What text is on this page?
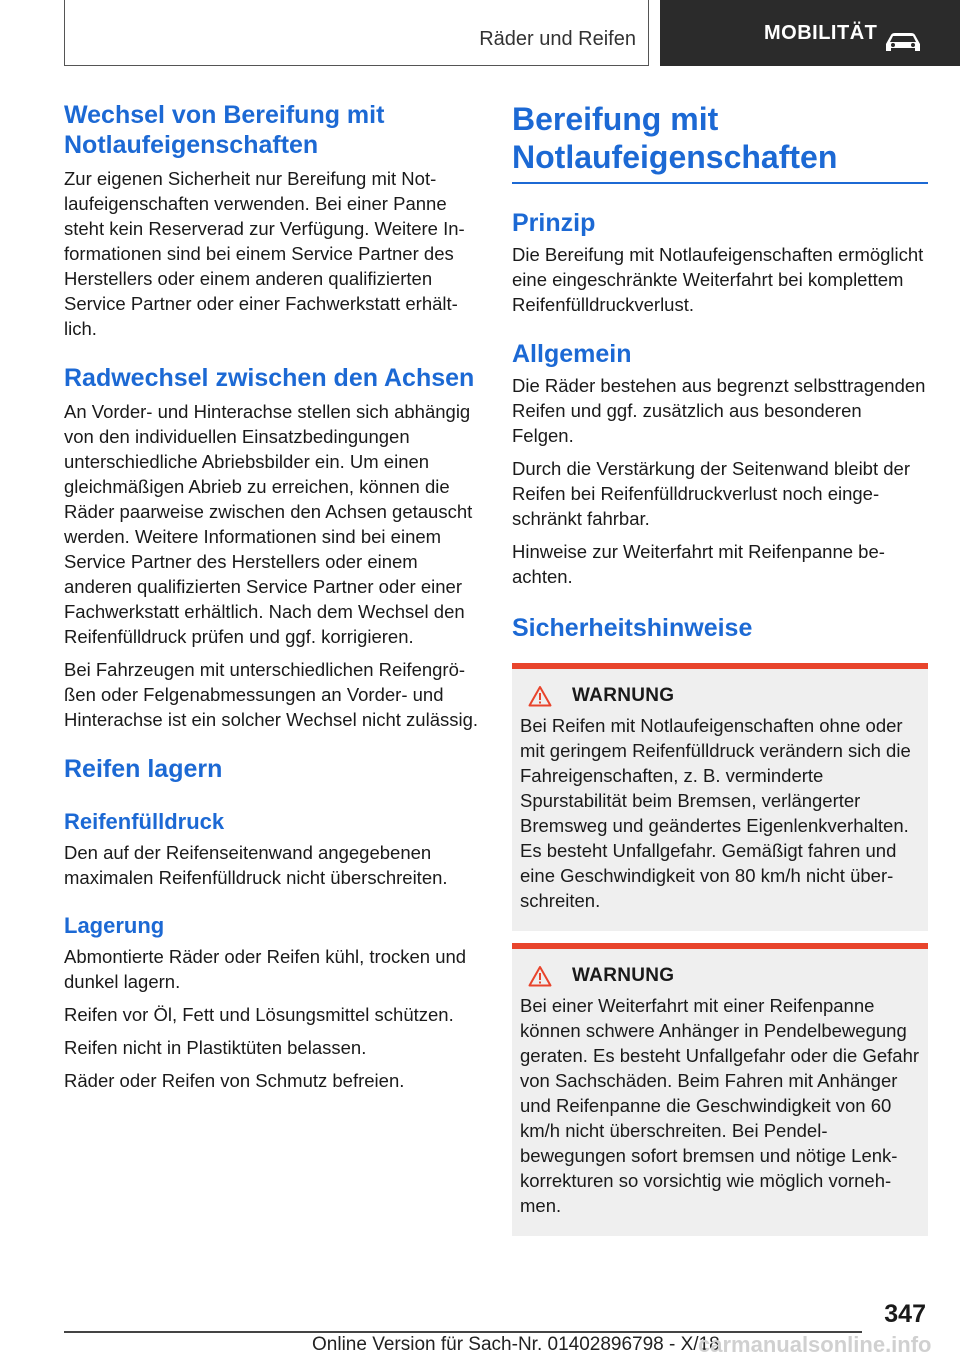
Räder und Reifen	MOBILITÄT
Wechsel von Bereifung mit Notlaufeigenschaften
Zur eigenen Sicherheit nur Bereifung mit Notlaufeigenschaften verwenden. Bei einer Panne steht kein Reserverad zur Verfügung. Weitere Informationen sind bei einem Service Partner des Herstellers oder einem anderen qualifizierten Service Partner oder einer Fachwerkstatt erhältlich.
Radwechsel zwischen den Achsen
An Vorder- und Hinterachse stellen sich abhängig von den individuellen Einsatzbedingungen unterschiedliche Abriebsbilder ein. Um einen gleichmäßigen Abrieb zu erreichen, können die Räder paarweise zwischen den Achsen getauscht werden. Weitere Informationen sind bei einem Service Partner des Herstellers oder einem anderen qualifizierten Service Partner oder einer Fachwerkstatt erhältlich. Nach dem Wechsel den Reifenfülldruck prüfen und ggf. korrigieren.
Bei Fahrzeugen mit unterschiedlichen Reifengrößen oder Felgenabmessungen an Vorder- und Hinterachse ist ein solcher Wechsel nicht zulässig.
Reifen lagern
Reifenfülldruck
Den auf der Reifenseitenwand angegebenen maximalen Reifenfülldruck nicht überschreiten.
Lagerung
Abmontierte Räder oder Reifen kühl, trocken und dunkel lagern.
Reifen vor Öl, Fett und Lösungsmittel schützen.
Reifen nicht in Plastiktüten belassen.
Räder oder Reifen von Schmutz befreien.
Bereifung mit Notlaufeigenschaften
Prinzip
Die Bereifung mit Notlaufeigenschaften ermöglicht eine eingeschränkte Weiterfahrt bei komplettem Reifenfülldruckverlust.
Allgemein
Die Räder bestehen aus begrenzt selbsttragenden Reifen und ggf. zusätzlich aus besonderen Felgen.
Durch die Verstärkung der Seitenwand bleibt der Reifen bei Reifenfülldruckverlust noch eingeschränkt fahrbar.
Hinweise zur Weiterfahrt mit Reifenpanne beachten.
Sicherheitshinweise
WARNUNG
Bei Reifen mit Notlaufeigenschaften ohne oder mit geringem Reifenfülldruck verändern sich die Fahreigenschaften, z. B. verminderte Spurstabilität beim Bremsen, verlängerter Bremsweg und geändertes Eigenlenkverhalten. Es besteht Unfallgefahr. Gemäßigt fahren und eine Geschwindigkeit von 80 km/h nicht überschreiten.
WARNUNG
Bei einer Weiterfahrt mit einer Reifenpanne können schwere Anhänger in Pendelbewegung geraten. Es besteht Unfallgefahr oder die Gefahr von Sachschäden. Beim Fahren mit Anhänger und Reifenpanne die Geschwindigkeit von 60 km/h nicht überschreiten. Bei Pendelbewegungen sofort bremsen und nötige Lenkkorrekturen so vorsichtig wie möglich vornehmen.
347
Online Version für Sach-Nr. 01402896798 - X/18
carmanualsonline.info
